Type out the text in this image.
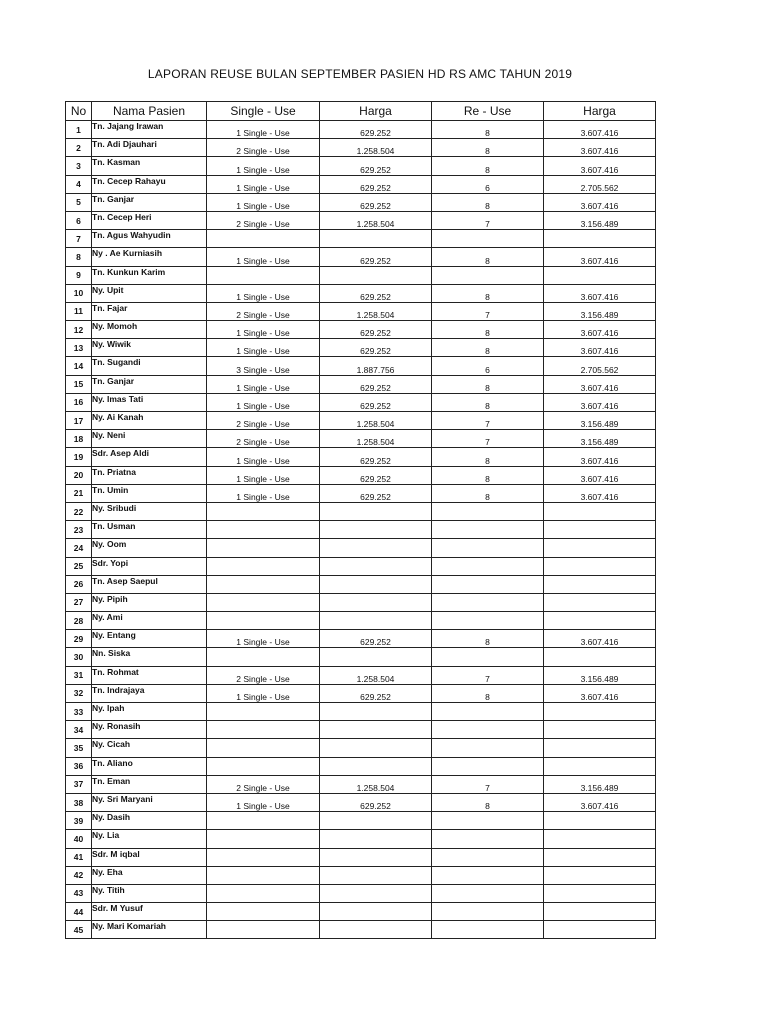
LAPORAN REUSE BULAN SEPTEMBER PASIEN HD RS AMC TAHUN 2019
No	Nama Pasien	Single - Use	Harga	Re - Use	Harga
1	Tn. Jajang Irawan	1 Single - Use	629.252	8	3.607.416
2	Tn. Adi Djauhari	2 Single - Use	1.258.504	8	3.607.416
3	Tn. Kasman	1 Single - Use	629.252	8	3.607.416
4	Tn. Cecep Rahayu	1 Single - Use	629.252	6	2.705.562
5	Tn. Ganjar	1 Single - Use	629.252	8	3.607.416
6	Tn. Cecep Heri	2 Single - Use	1.258.504	7	3.156.489
7	Tn. Agus Wahyudin				
8	Ny . Ae Kurniasih	1 Single - Use	629.252	8	3.607.416
9	Tn. Kunkun Karim				
10	Ny. Upit	1 Single - Use	629.252	8	3.607.416
11	Tn. Fajar	2 Single - Use	1.258.504	7	3.156.489
12	Ny. Momoh	1 Single - Use	629.252	8	3.607.416
13	Ny. Wiwik	1 Single - Use	629.252	8	3.607.416
14	Tn. Sugandi	3 Single - Use	1.887.756	6	2.705.562
15	Tn. Ganjar	1 Single - Use	629.252	8	3.607.416
16	Ny. Imas Tati	1 Single - Use	629.252	8	3.607.416
17	Ny. Ai Kanah	2 Single - Use	1.258.504	7	3.156.489
18	Ny. Neni	2 Single - Use	1.258.504	7	3.156.489
19	Sdr. Asep Aldi	1 Single - Use	629.252	8	3.607.416
20	Tn. Priatna	1 Single - Use	629.252	8	3.607.416
21	Tn. Umin	1 Single - Use	629.252	8	3.607.416
22	Ny. Sribudi				
23	Tn. Usman				
24	Ny. Oom				
25	Sdr. Yopi				
26	Tn. Asep Saepul				
27	Ny. Pipih				
28	Ny. Ami				
29	Ny. Entang	1 Single - Use	629.252	8	3.607.416
30	Nn. Siska				
31	Tn. Rohmat	2 Single - Use	1.258.504	7	3.156.489
32	Tn. Indrajaya	1 Single - Use	629.252	8	3.607.416
33	Ny. Ipah				
34	Ny. Ronasih				
35	Ny. Cicah				
36	Tn. Aliano				
37	Tn. Eman	2 Single - Use	1.258.504	7	3.156.489
38	Ny. Sri Maryani	1 Single - Use	629.252	8	3.607.416
39	Ny. Dasih				
40	Ny. Lia				
41	Sdr. M iqbal				
42	Ny. Eha				
43	Ny. Titih				
44	Sdr. M Yusuf				
45	Ny. Mari Komariah				
